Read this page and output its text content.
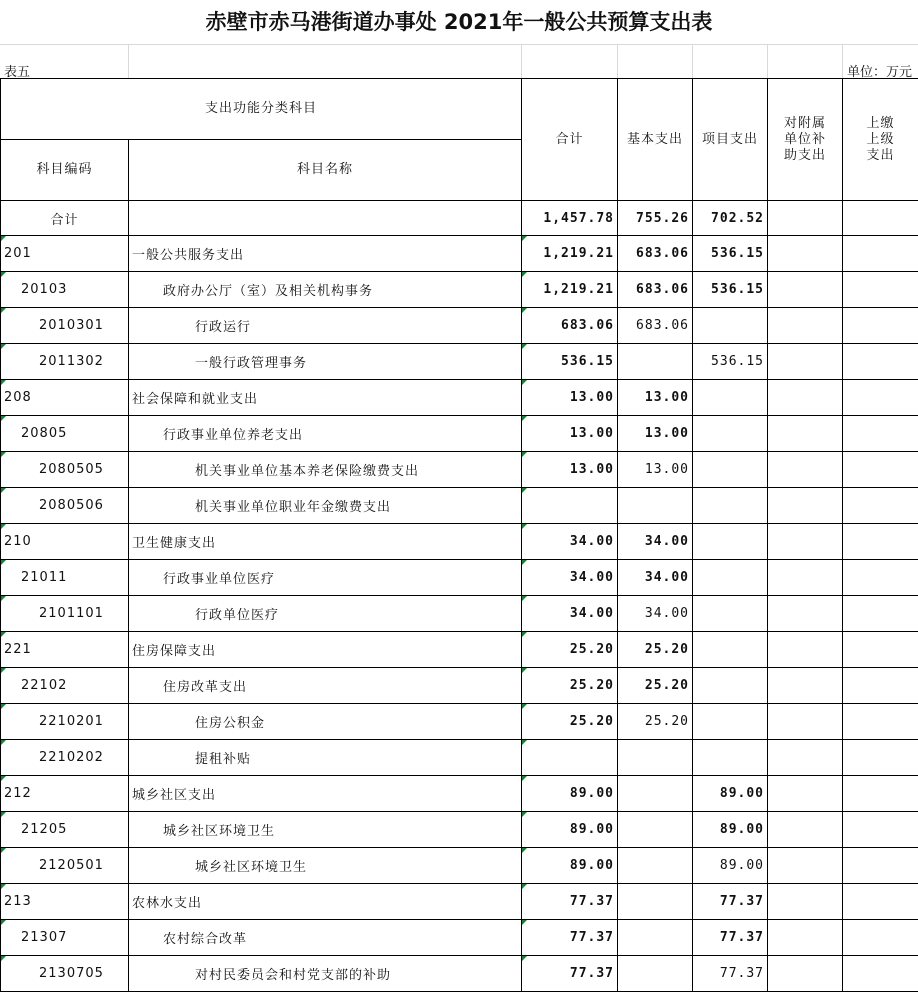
赤壁市赤马港街道办事处 2021年一般公共预算支出表
表五	单位：万元
支出功能分类科目		合计	基本支出	项目支出	对附属单位补助支出	上缴上级支出
科目编码	科目名称					
合计		1,457.78	755.26	702.52		

201	一般公共服务支出	1,219.21	683.06	536.15		

20103	政府办公厅（室）及相关机构事务	1,219.21	683.06	536.15		

2010301	行政运行	683.06	683.06			

2011302	一般行政管理事务	536.15		536.15		

208	社会保障和就业支出	13.00	13.00			

20805	行政事业单位养老支出	13.00	13.00			

2080505	机关事业单位基本养老保险缴费支出	13.00	13.00			

2080506	机关事业单位职业年金缴费支出	

210	卫生健康支出	34.00	34.00			

21011	行政事业单位医疗	34.00	34.00			

2101101	行政单位医疗	34.00	34.00			

221	住房保障支出	25.20	25.20			

22102	住房改革支出	25.20	25.20			

2210201	住房公积金	25.20	25.20			

2210202	提租补贴	

212	城乡社区支出	89.00		89.00		

21205	城乡社区环境卫生	89.00		89.00		

2120501	城乡社区环境卫生	89.00		89.00		

213	农林水支出	77.37		77.37		

21307	农村综合改革	77.37		77.37		

2130705	对村民委员会和村党支部的补助	77.37		77.37		
